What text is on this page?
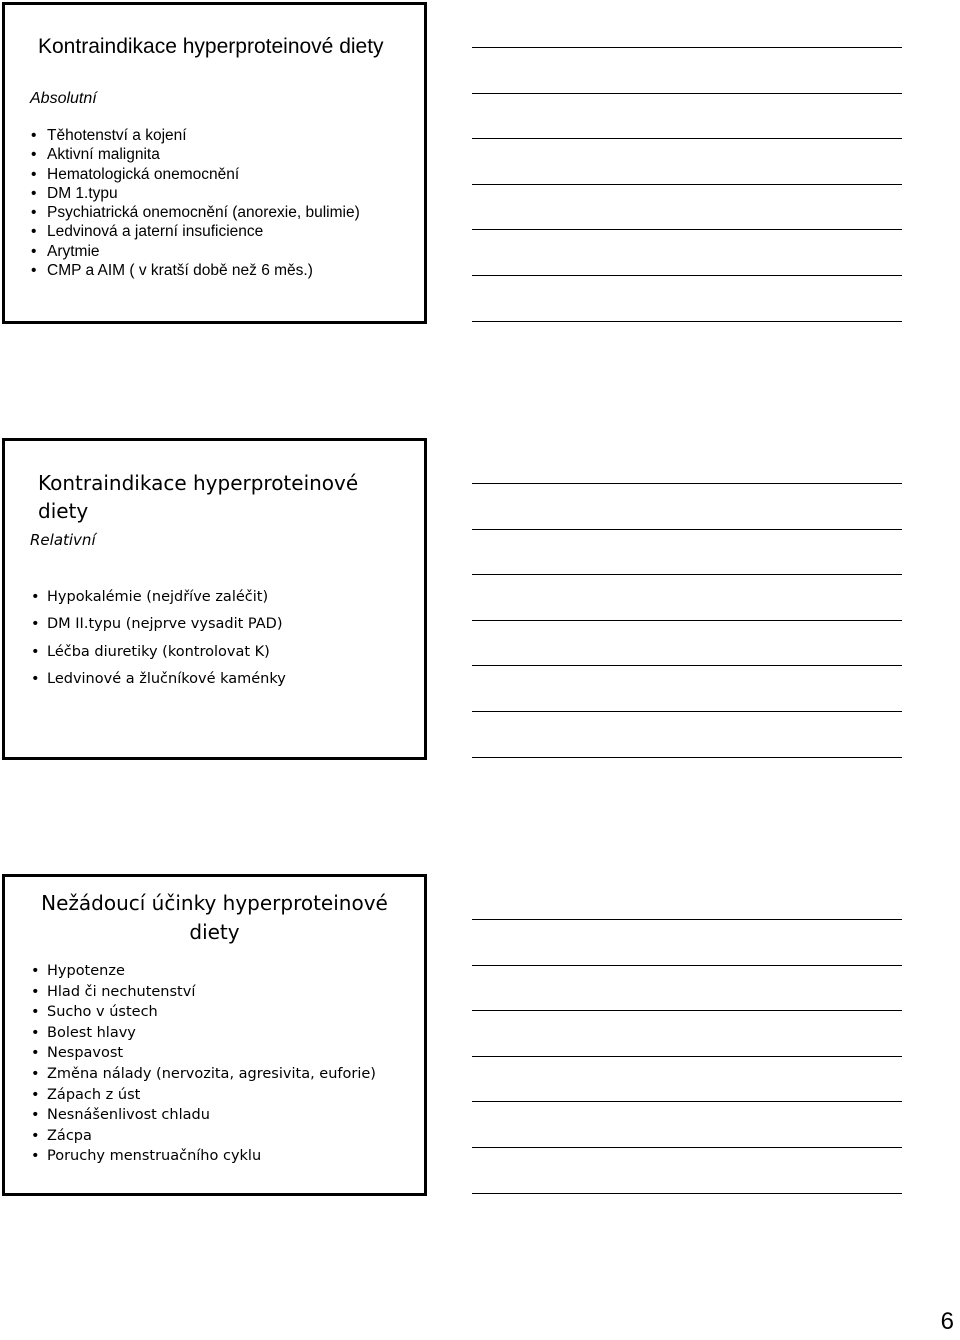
Kontraindikace hyperproteinové diety
Absolutní
• Těhotenství a kojení
• Aktivní malignita
• Hematologická onemocnění
• DM 1.typu
• Psychiatrická onemocnění (anorexie, bulimie)
• Ledvinová a jaterní insuficience
• Arytmie
• CMP a AIM ( v kratší době než 6 měs.)
Kontraindikace hyperproteinové diety
Relativní
• Hypokalémie (nejdříve zaléčit)
• DM II.typu (nejprve vysadit PAD)
• Léčba diuretiky (kontrolovat K)
• Ledvinové a žlučníkové kaménky
Nežádoucí účinky hyperproteinové diety
• Hypotenze
• Hlad či nechutenství
• Sucho v ústech
• Bolest hlavy
• Nespavost
• Změna nálady (nervozita, agresivita, euforie)
• Zápach z úst
• Nesnášenlivost chladu
• Zácpa
• Poruchy menstruačního cyklu
6
